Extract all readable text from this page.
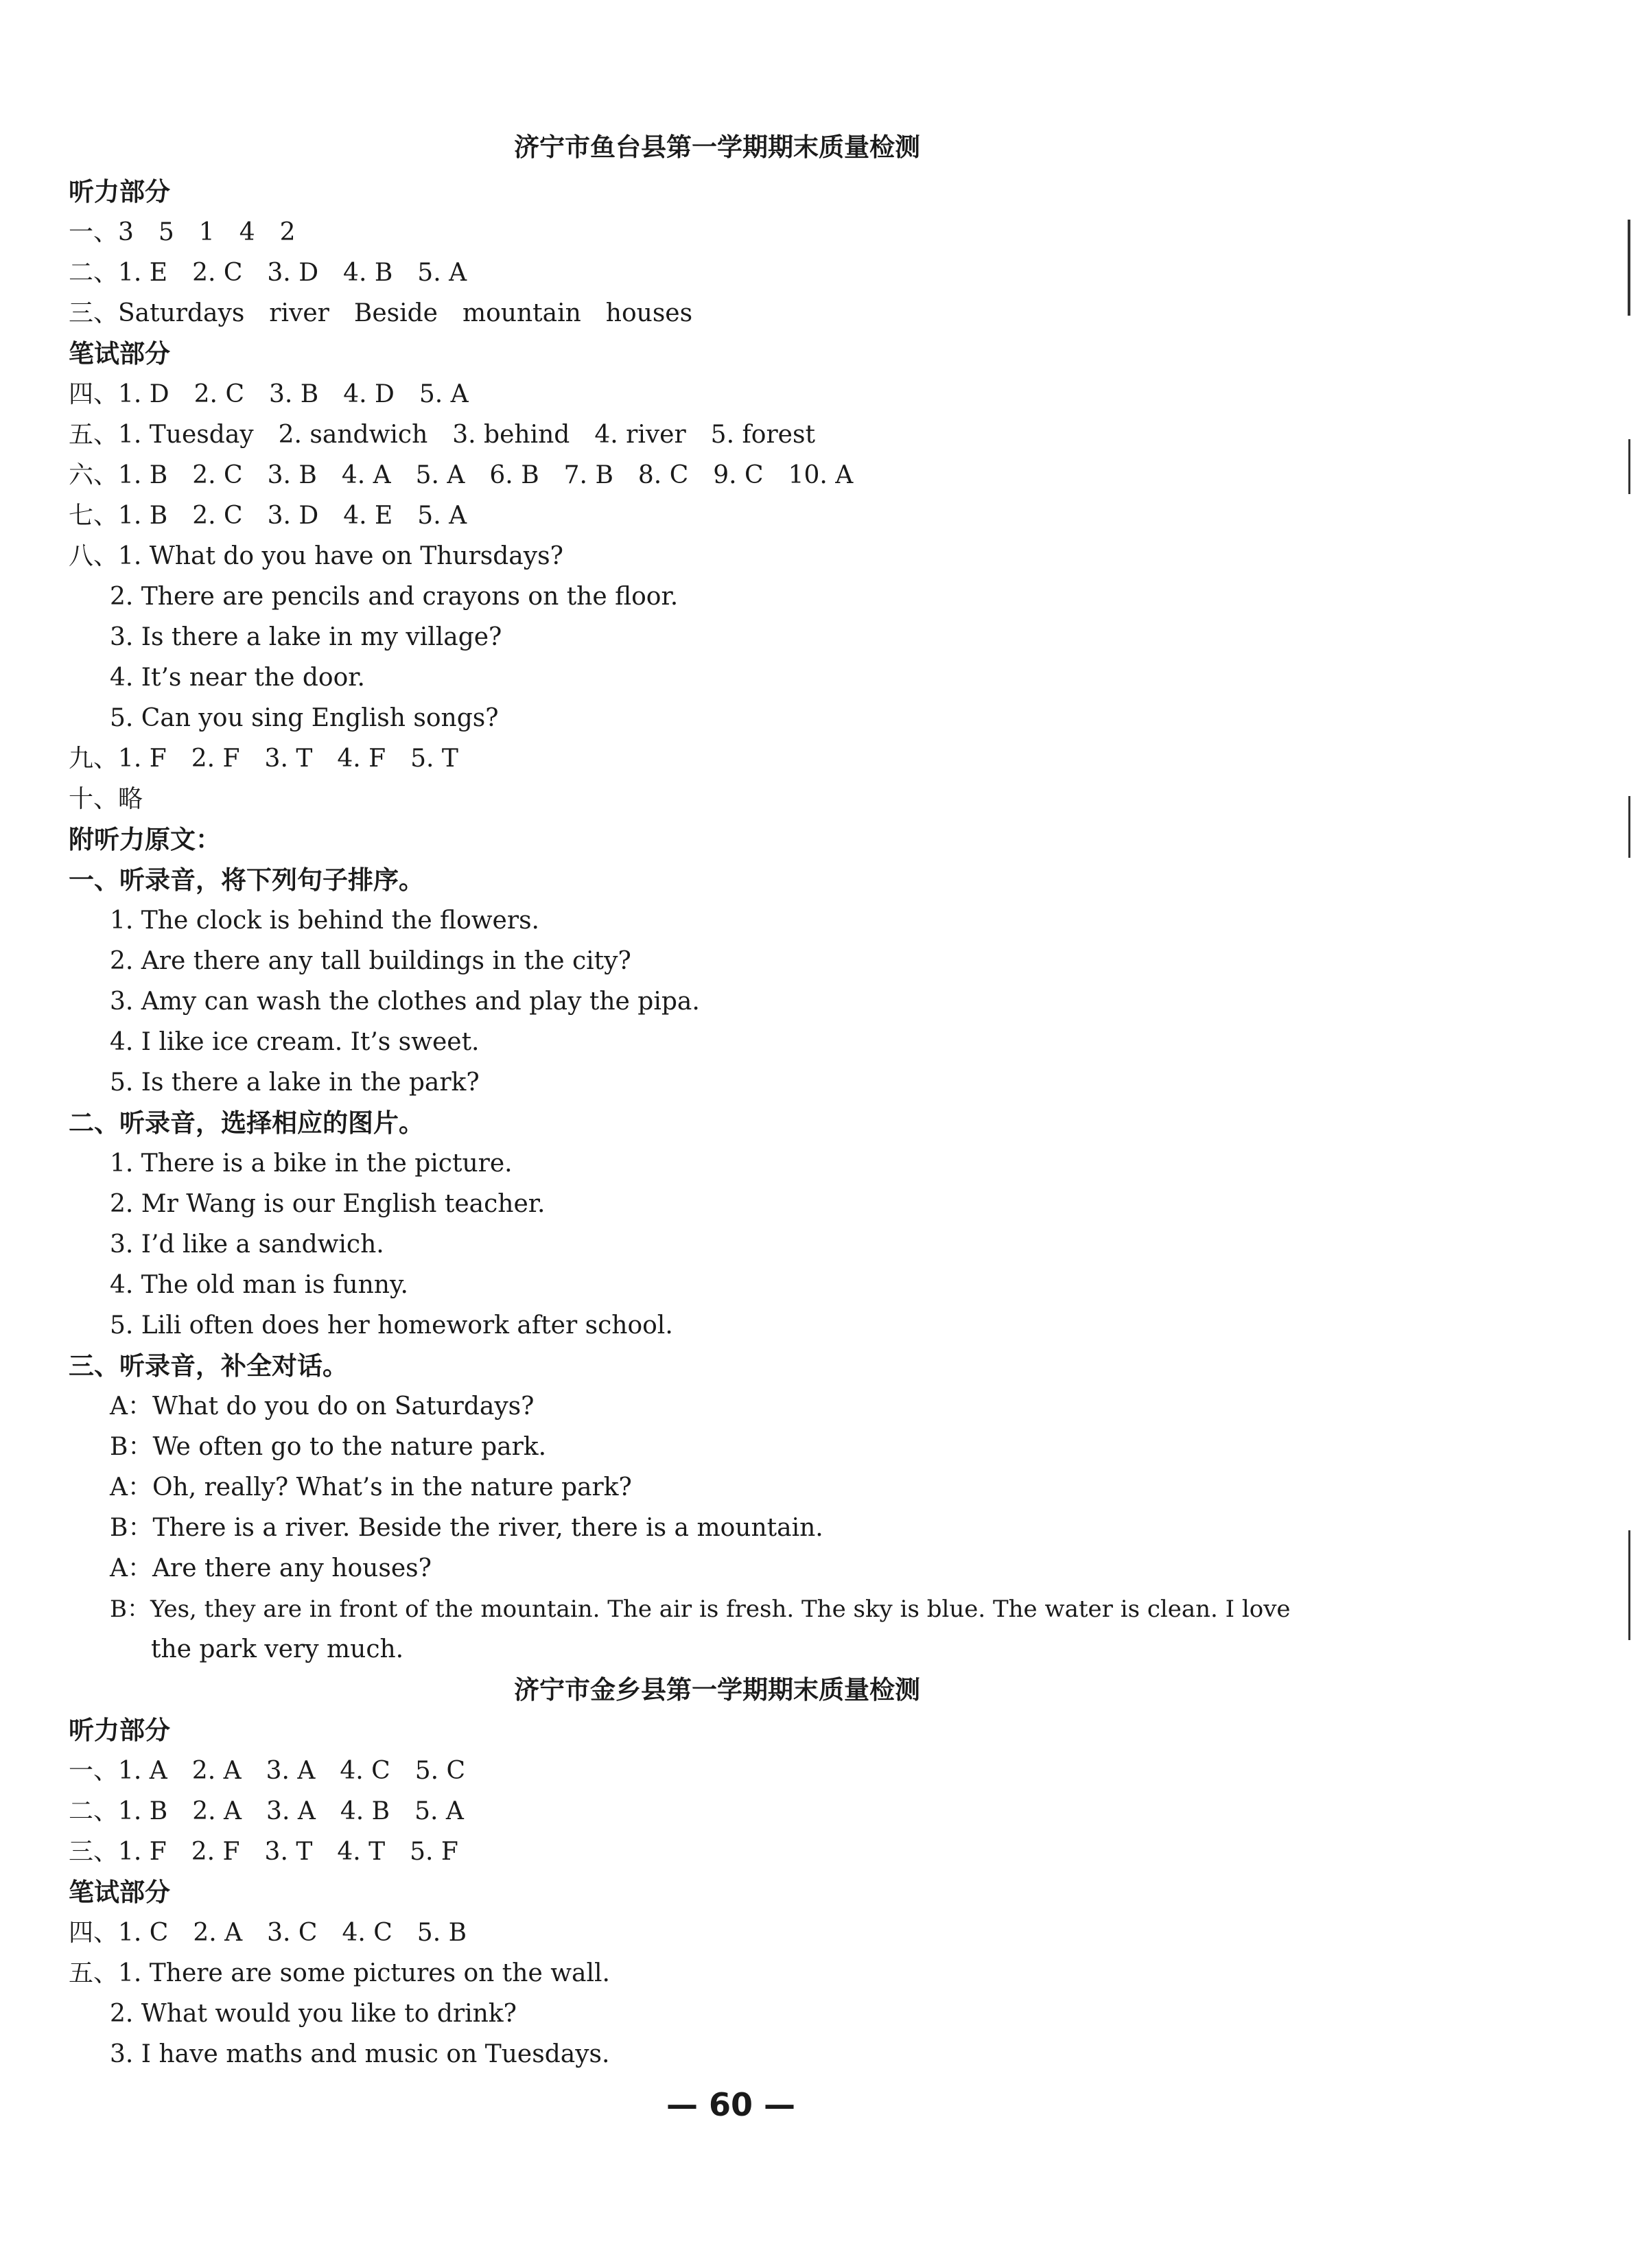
济宁市鱼台县第一学期期末质量检测
听力部分
一、3　5　1　4　2
二、1. E　2. C　3. D　4. B　5. A
三、Saturdays　river　Beside　mountain　houses
笔试部分
四、1. D　2. C　3. B　4. D　5. A
五、1. Tuesday　2. sandwich　3. behind　4. river　5. forest
六、1. B　2. C　3. B　4. A　5. A　6. B　7. B　8. C　9. C　10. A
七、1. B　2. C　3. D　4. E　5. A
八、1. What do you have on Thursdays?
2. There are pencils and crayons on the floor.
3. Is there a lake in my village?
4. It’s near the door.
5. Can you sing English songs?
九、1. F　2. F　3. T　4. F　5. T
十、略
附听力原文：
一、听录音，将下列句子排序。
1. The clock is behind the flowers.
2. Are there any tall buildings in the city?
3. Amy can wash the clothes and play the pipa.
4. I like ice cream. It’s sweet.
5. Is there a lake in the park?
二、听录音，选择相应的图片。
1. There is a bike in the picture.
2. Mr Wang is our English teacher.
3. I’d like a sandwich.
4. The old man is funny.
5. Lili often does her homework after school.
三、听录音，补全对话。
A：What do you do on Saturdays?
B：We often go to the nature park.
A：Oh, really? What’s in the nature park?
B：There is a river. Beside the river, there is a mountain.
A：Are there any houses?
B：Yes, they are in front of the mountain. The air is fresh. The sky is blue. The water is clean. I love
the park very much.
济宁市金乡县第一学期期末质量检测
听力部分
一、1. A　2. A　3. A　4. C　5. C
二、1. B　2. A　3. A　4. B　5. A
三、1. F　2. F　3. T　4. T　5. F
笔试部分
四、1. C　2. A　3. C　4. C　5. B
五、1. There are some pictures on the wall.
2. What would you like to drink?
3. I have maths and music on Tuesdays.
— 60 —
